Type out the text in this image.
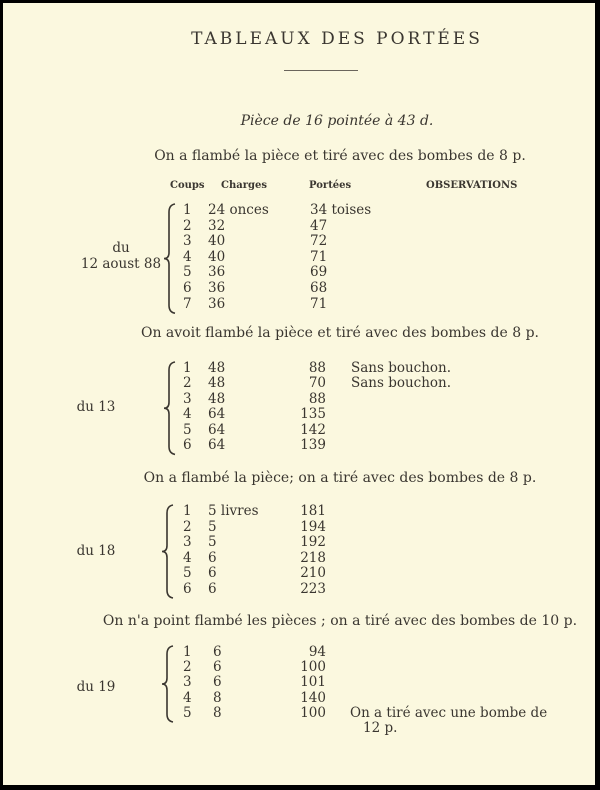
TABLEAUX DES PORTÉES
Pièce de 16 pointée à 43 d.
Coups Charges	Portées	OBSERVATIONS
On a flambé la pièce et tiré avec des bombes de 8 p.
du
12 aoust 88
1 24 onces	34 toises
2 32	47
3 40	72
4 40	71
5 36	69
6 36	68
7 36	71
On avoit flambé la pièce et tiré avec des bombes de 8 p.
du 13
1 48	88 Sans bouchon.
2 48	70 Sans bouchon.
3 48	88
4 64	135
5 64	142
6 64	139
On a flambé la pièce; on a tiré avec des bombes de 8 p.
du 18
1 5 livres	181
2 5	194
3 5	192
4 6	218
5 6	210
6 6	223
On n'a point flambé les pièces ; on a tiré avec des bombes de 10 p.
du 19
1 6	94
2 6	100
3 6	101
4 8	140
5 8	100 On a tiré avec une bombe de
12 p.
